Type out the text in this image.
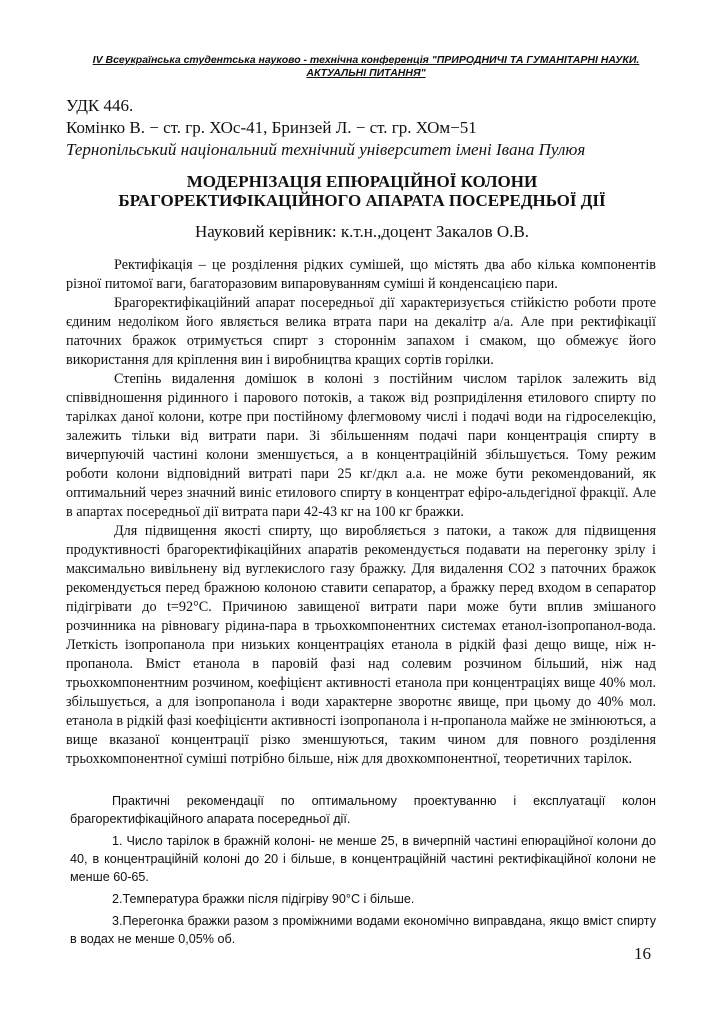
IV Всеукраїнська студентська науково - технічна конференція "ПРИРОДНИЧІ ТА ГУМАНІТАРНІ НАУКИ. АКТУАЛЬНІ ПИТАННЯ"
УДК 446.
Комінко В. − ст. гр. ХОс-41, Бринзей Л. − ст. гр. ХОм−51
Тернопільський національний технічний університет імені Івана Пулюя
МОДЕРНІЗАЦІЯ ЕПЮРАЦІЙНОЇ КОЛОНИ
БРАГОРЕКТИФІКАЦІЙНОГО АПАРАТА ПОСЕРЕДНЬОЇ ДІЇ
Науковий керівник: к.т.н.,доцент Закалов О.В.

Ректифікація – це розділення рідких сумішей, що містять два або кілька компонентів різної питомої ваги, багаторазовим випаровуванням суміші й конденсацією пари.

Брагоректифікаційний апарат посередньої дії характеризується стійкістю роботи проте єдиним недоліком його являється велика втрата пари на декалітр а/а. Але при ректифікації паточних бражок отримується спирт з стороннім запахом і смаком, що обмежує його використання для кріплення вин і виробництва кращих сортів горілки.

Степінь видалення домішок в колоні з постійним числом тарілок залежить від співвідношення рідинного і парового потоків, а також від розприділення етилового спирту по тарілках даної колони, котре при постійному флегмовому числі і подачі води на гідроселекцію, залежить тільки від витрати пари. Зі збільшенням подачі пари концентрація спирту в вичерпуючій частині колони зменшується, а в концентраційній збільшується. Тому режим роботи колони відповідний витраті пари 25 кг/дкл а.а. не може бути рекомендований, як оптимальний через значний виніс етилового спирту в концентрат ефіро-альдегідної фракції. Але в апартах посередньої дії витрата пари 42-43 кг на 100 кг бражки.

Для підвищення якості спирту, що виробляється з патоки, а також для підвищення продуктивності брагоректифікаційних апаратів рекомендується подавати на перегонку зрілу і максимально вивільнену від вуглекислого газу бражку. Для видалення СО2 з паточних бражок рекомендується перед бражною колоною ставити сепаратор, а бражку перед входом в сепаратор підігрівати до t=92°С. Причиною завищеної витрати пари може бути вплив змішаного розчинника на рівновагу рідина-пара в трьохкомпонентних системах етанол-ізопропанол-вода. Леткість ізопропанола при низьких концентраціях етанола в рідкій фазі дещо вище, ніж н-пропанола. Вміст етанола в паровій фазі над солевим розчином більший, ніж над трьохкомпонентним розчином, коефіцієнт активності етанола при концентраціях вище 40% мол. збільшується, а для ізопропанола і води характерне зворотнє явище, при цьому до 40% мол. етанола в рідкій фазі коефіцієнти активності ізопропанола і н-пропанола майже не змінюються, а вище вказаної концентрації різко зменшуються, таким чином для повного розділення трьохкомпонентної суміші потрібно більше, ніж для двохкомпонентної, теоретичних тарілок.

Практичні рекомендації по оптимальному проектуванню і експлуатації колон брагоректифікаційного апарата посередньої дії.

1. Число тарілок в бражній колоні- не менше 25, в вичерпній частині епюраційної колони до 40, в концентраційній колоні до 20 і більше, в концентраційній частині ректифікаційної колони не менше 60-65.

2.Температура бражки після підігріву 90°С і більше.

3.Перегонка бражки разом з проміжними водами економічно виправдана, якщо вміст спирту в водах не менше 0,05% об.

16
